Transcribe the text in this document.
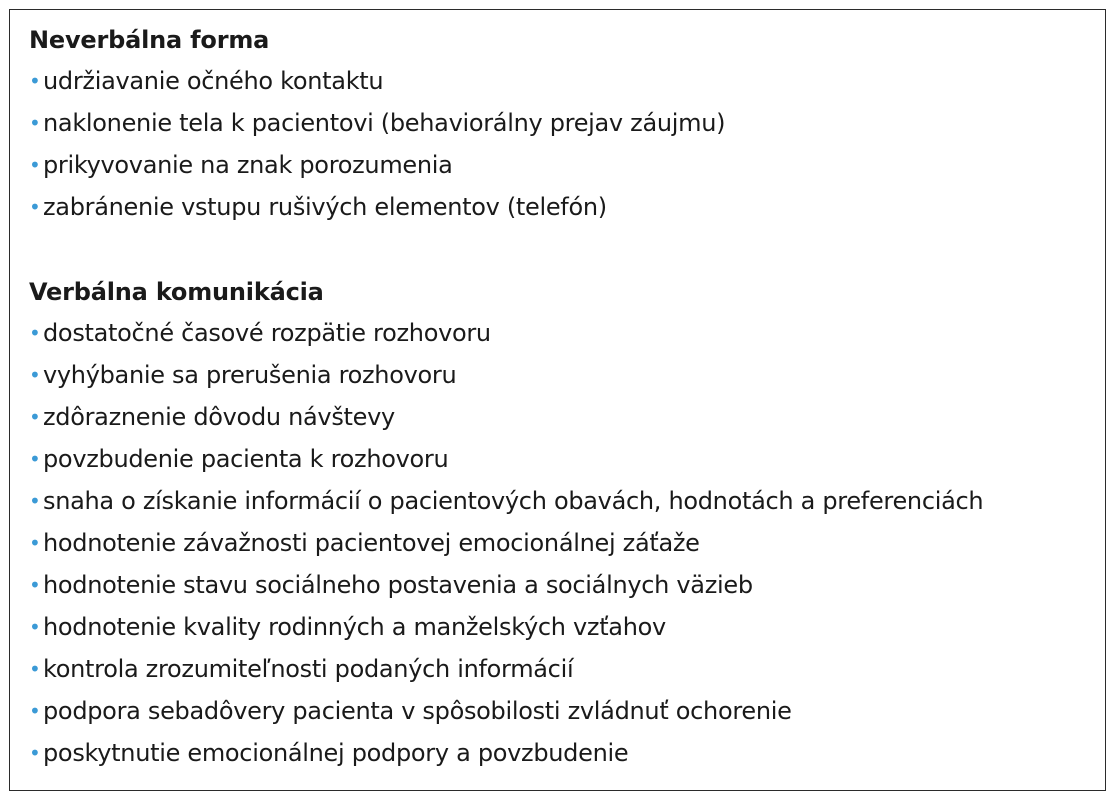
Neverbálna forma
• udržiavanie očného kontaktu
• naklonenie tela k pacientovi (behaviorálny prejav záujmu)
• prikyvovanie na znak porozumenia
• zabránenie vstupu rušivých elementov (telefón)
Verbálna komunikácia
• dostatočné časové rozpätie rozhovoru
• vyhýbanie sa prerušenia rozhovoru
• zdôraznenie dôvodu návštevy
• povzbudenie pacienta k rozhovoru
• snaha o získanie informácií o pacientových obavách, hodnotách a preferenciách
• hodnotenie závažnosti pacientovej emocionálnej záťaže
• hodnotenie stavu sociálneho postavenia a sociálnych väzieb
• hodnotenie kvality rodinných a manželských vzťahov
• kontrola zrozumiteľnosti podaných informácií
• podpora sebadôvery pacienta v spôsobilosti zvládnuť ochorenie
• poskytnutie emocionálnej podpory a povzbudenie
